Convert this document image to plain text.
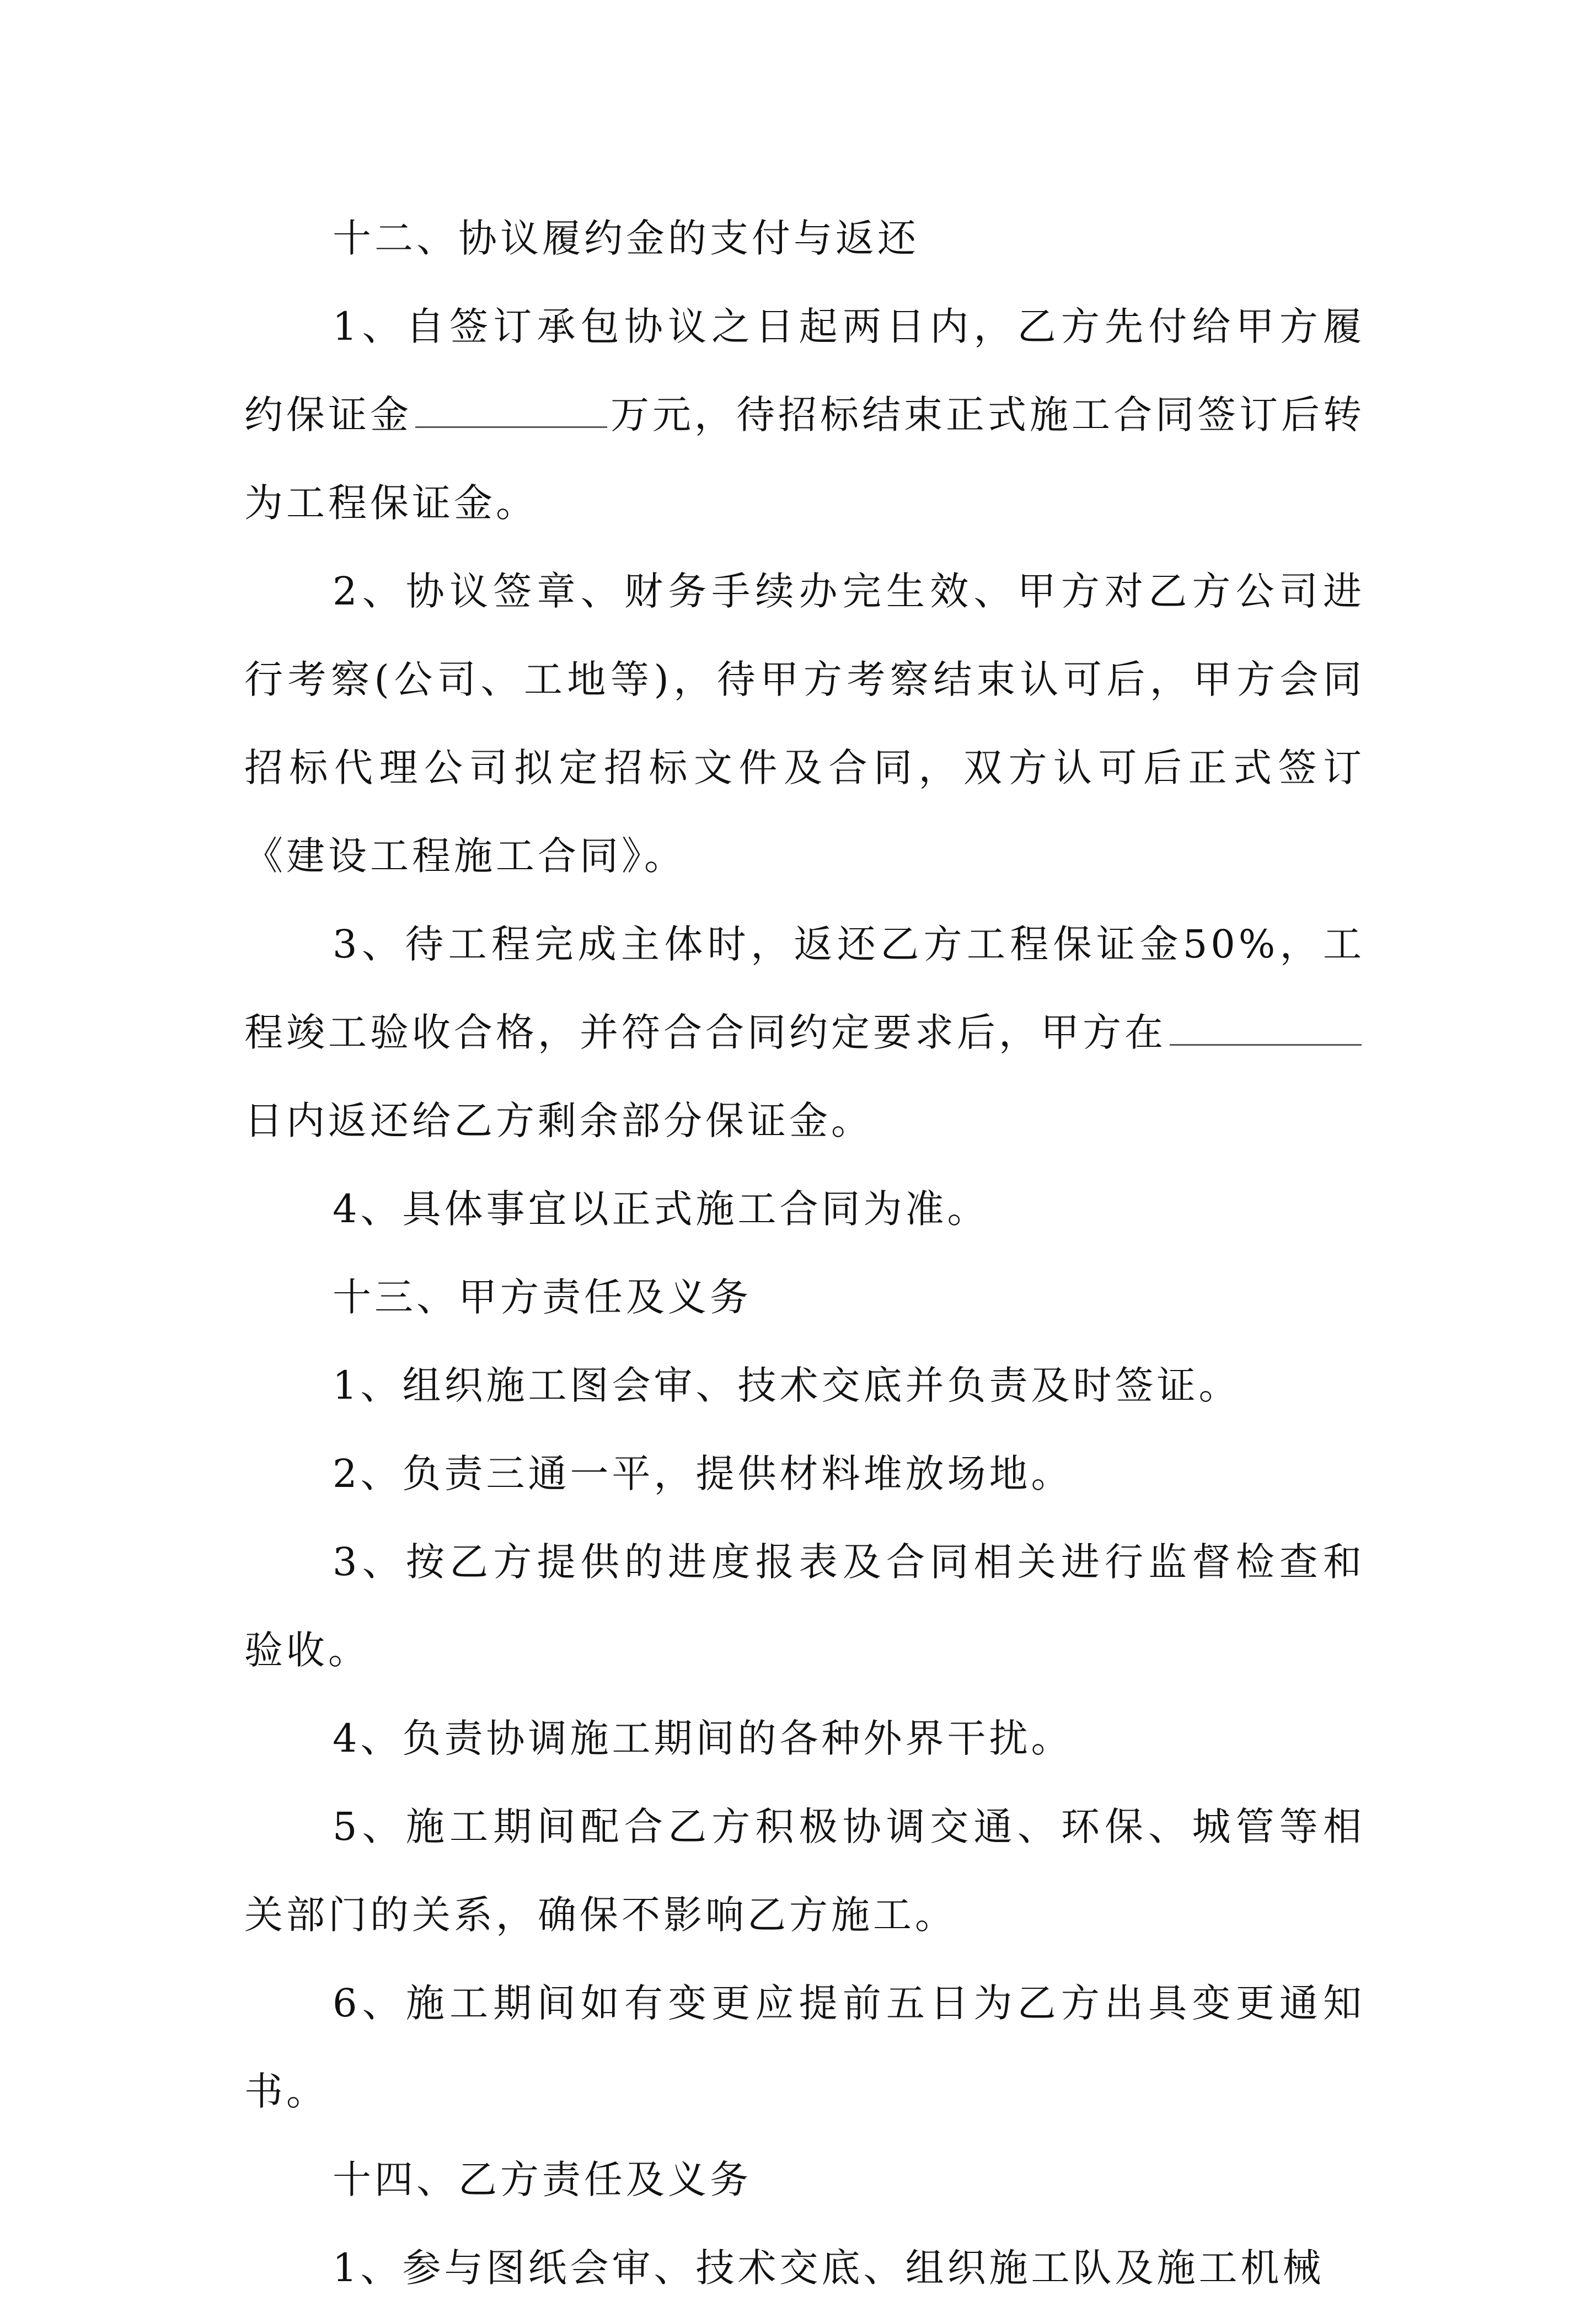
十二、协议履约金的支付与返还

1、自签订承包协议之日起两日内，乙方先付给甲方履约保证金	万元，待招标结束正式施工合同签订后转为工程保证金。

2、协议签章、财务手续办完生效、甲方对乙方公司进行考察(公司、工地等)，待甲方考察结束认可后，甲方会同招标代理公司拟定招标文件及合同，双方认可后正式签订《建设工程施工合同》。

3、待工程完成主体时，返还乙方工程保证金50%，工程竣工验收合格，并符合合同约定要求后，甲方在日内返还给乙方剩余部分保证金。

4、具体事宜以正式施工合同为准。

十三、甲方责任及义务

1、组织施工图会审、技术交底并负责及时签证。

2、负责三通一平，提供材料堆放场地。

3、按乙方提供的进度报表及合同相关进行监督检查和验收。

4、负责协调施工期间的各种外界干扰。

5、施工期间配合乙方积极协调交通、环保、城管等相关部门的关系，确保不影响乙方施工。

6、施工期间如有变更应提前五日为乙方出具变更通知书。

十四、乙方责任及义务

1、参与图纸会审、技术交底、组织施工队及施工机械
